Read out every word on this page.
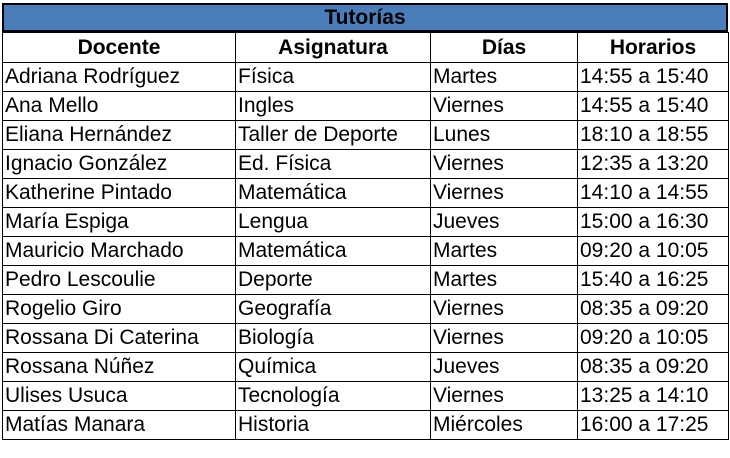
Tutorías
Docente	Asignatura	Días	Horarios
Adriana Rodríguez	Física	Martes	14:55 a 15:40
Ana Mello	Ingles	Viernes	14:55 a 15:40
Eliana Hernández	Taller de Deporte	Lunes	18:10 a 18:55
Ignacio González	Ed. Física	Viernes	12:35 a 13:20
Katherine Pintado	Matemática	Viernes	14:10 a 14:55
María Espiga	Lengua	Jueves	15:00 a 16:30
Mauricio Marchado	Matemática	Martes	09:20 a 10:05
Pedro Lescoulie	Deporte	Martes	15:40 a 16:25
Rogelio Giro	Geografía	Viernes	08:35 a 09:20
Rossana Di Caterina	Biología	Viernes	09:20 a 10:05
Rossana Núñez	Química	Jueves	08:35 a 09:20
Ulises Usuca	Tecnología	Viernes	13:25 a 14:10
Matías Manara	Historia	Miércoles	16:00 a 17:25
